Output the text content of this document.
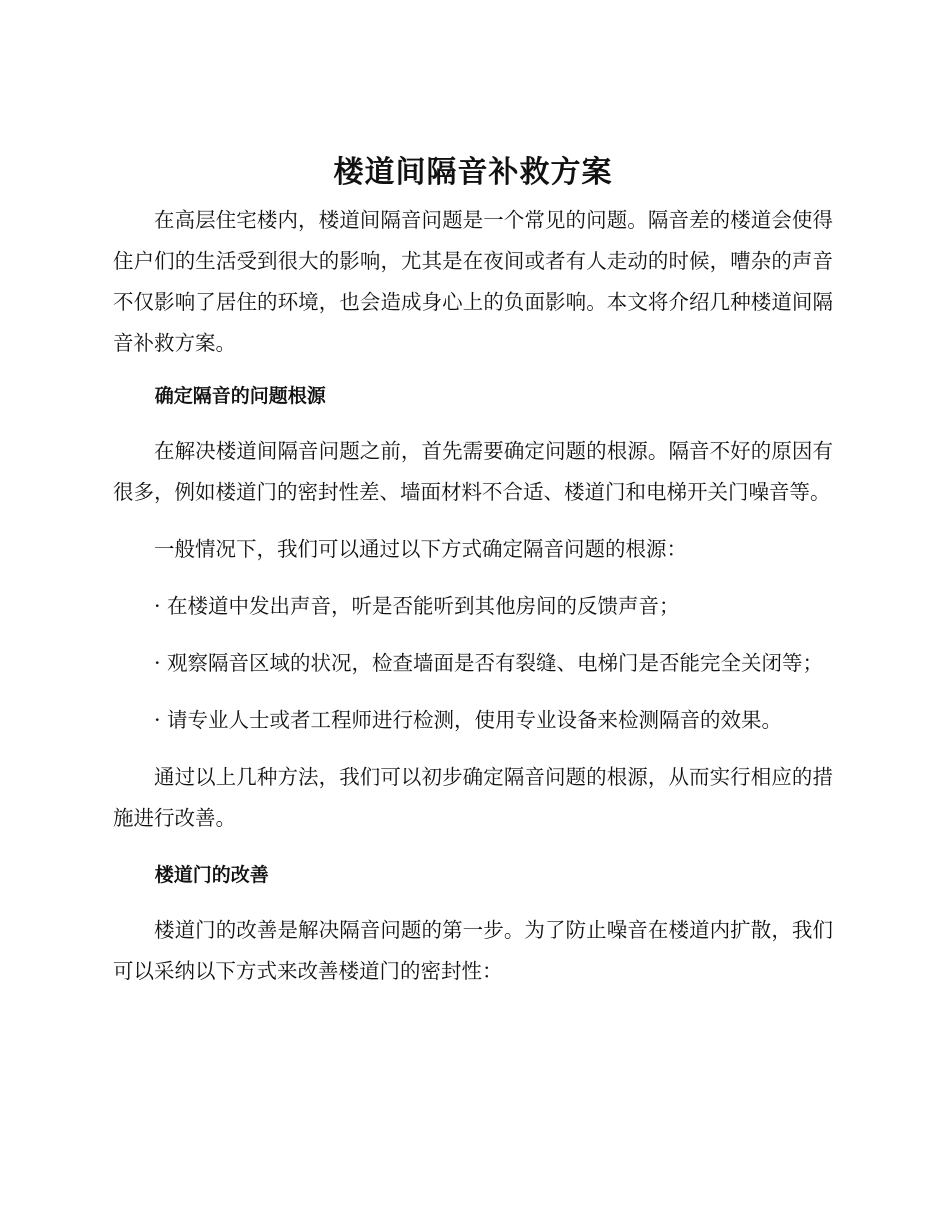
楼道间隔音补救方案

在高层住宅楼内，楼道间隔音问题是一个常见的问题。隔音差的楼道会使得住户们的生活受到很大的影响，尤其是在夜间或者有人走动的时候，嘈杂的声音不仅影响了居住的环境，也会造成身心上的负面影响。本文将介绍几种楼道间隔音补救方案。

确定隔音的问题根源

在解决楼道间隔音问题之前，首先需要确定问题的根源。隔音不好的原因有很多，例如楼道门的密封性差、墙面材料不合适、楼道门和电梯开关门噪音等。

一般情况下，我们可以通过以下方式确定隔音问题的根源：

· 在楼道中发出声音，听是否能听到其他房间的反馈声音；

· 观察隔音区域的状况，检查墙面是否有裂缝、电梯门是否能完全关闭等；

· 请专业人士或者工程师进行检测，使用专业设备来检测隔音的效果。

通过以上几种方法，我们可以初步确定隔音问题的根源，从而实行相应的措施进行改善。

楼道门的改善

楼道门的改善是解决隔音问题的第一步。为了防止噪音在楼道内扩散，我们可以采纳以下方式来改善楼道门的密封性：
